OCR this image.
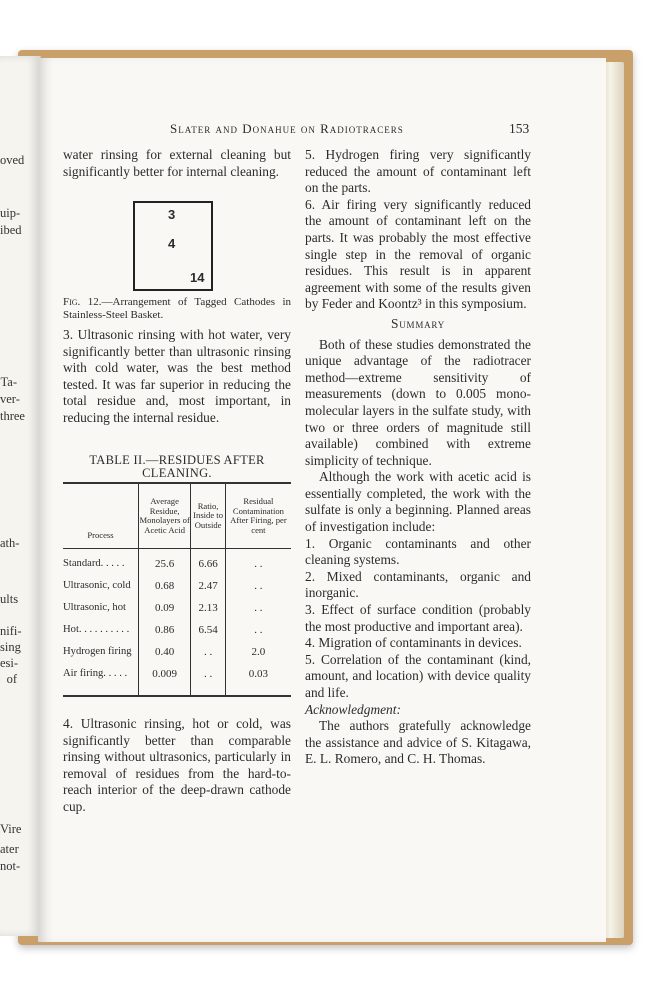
oved
uip-
ibed
Ta-
ver-
three
ath-
ults
nifi-
sing
esi-
of
Vire
ater
not-
Slater and Donahue on Radiotracers	153

water rinsing for external cleaning but significantly better for internal cleaning.

3
4
14
Fig. 12.—Arrangement of Tagged Cathodes in Stainless-Steel Basket.

3. Ultrasonic rinsing with hot water, very significantly better than ultrasonic rinsing with cold water, was the best method tested. It was far superior in reducing the total residue and, most important, in reducing the internal residue.

TABLE II.—RESIDUES AFTER CLEANING.
Process
Average Residue, Monolayers of Acetic Acid
Ratio, Inside to Outside
Residual Contamination After Firing, per cent
Standard. . . . .
Ultrasonic, cold
Ultrasonic, hot
Hot. . . . . . . . . .
Hydrogen firing
Air firing. . . . .
25.6
0.68
0.09
0.86
0.40
0.009
6.66
2.47
2.13
6.54
. .
. .
. .
. .
. .
. .
2.0
0.03

4. Ultrasonic rinsing, hot or cold, was significantly better than comparable rinsing without ultrasonics, particularly in removal of residues from the hard-to-reach interior of the deep-drawn cathode cup.

5. Hydrogen firing very significantly reduced the amount of contaminant left on the parts.

6. Air firing very significantly reduced the amount of contaminant left on the parts. It was probably the most effective single step in the removal of organic residues. This result is in apparent agreement with some of the results given by Feder and Koontz³ in this symposium.

Summary

Both of these studies demonstrated the unique advantage of the radiotracer method—extreme sensitivity of measurements (down to 0.005 monomolecular layers in the sulfate study, with two or three orders of magnitude still available) combined with extreme simplicity of technique.

Although the work with acetic acid is essentially completed, the work with the sulfate is only a beginning. Planned areas of investigation include:

1. Organic contaminants and other cleaning systems.

2. Mixed contaminants, organic and inorganic.

3. Effect of surface condition (probably the most productive and important area).

4. Migration of contaminants in devices.

5. Correlation of the contaminant (kind, amount, and location) with device quality and life.

Acknowledgment:

The authors gratefully acknowledge the assistance and advice of S. Kitagawa, E. L. Romero, and C. H. Thomas.
